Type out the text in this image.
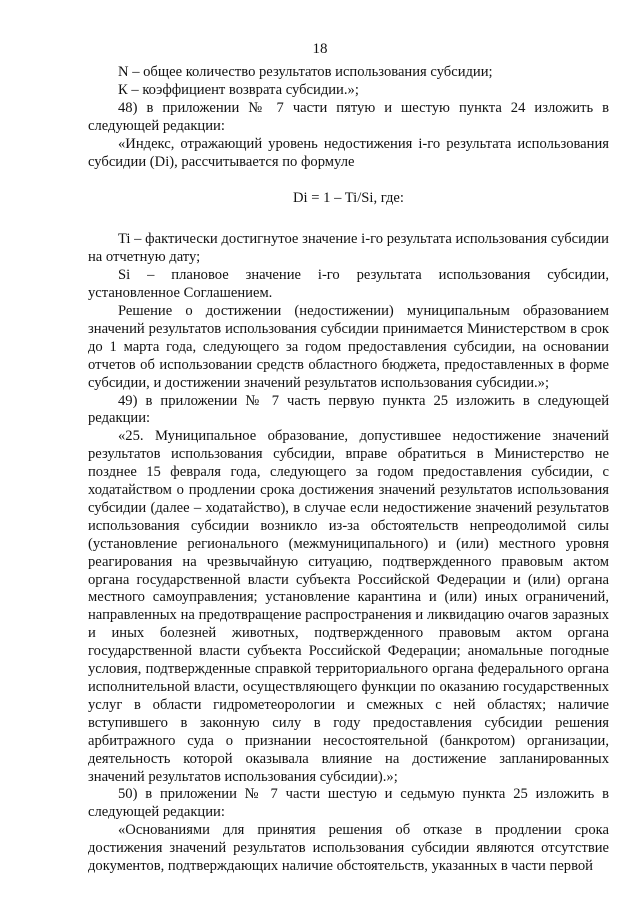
18

N – общее количество результатов использования субсидии;

К – коэффициент возврата субсидии.»;

48) в приложении № 7 части пятую и шестую пункта 24 изложить в следующей редакции:

«Индекс, отражающий уровень недостижения i-го результата использования субсидии (Di), рассчитывается по формуле

Di = 1 – Ti/Si, где:

Ti – фактически достигнутое значение i-го результата использования субсидии на отчетную дату;

Si – плановое значение i-го результата использования субсидии, установленное Соглашением.

Решение о достижении (недостижении) муниципальным образованием значений результатов использования субсидии принимается Министерством в срок до 1 марта года, следующего за годом предоставления субсидии, на основании отчетов об использовании средств областного бюджета, предоставленных в форме субсидии, и достижении значений результатов использования субсидии.»;

49) в приложении № 7 часть первую пункта 25 изложить в следующей редакции:

«25. Муниципальное образование, допустившее недостижение значений результатов использования субсидии, вправе обратиться в Министерство не позднее 15 февраля года, следующего за годом предоставления субсидии, с ходатайством о продлении срока достижения значений результатов использования субсидии (далее – ходатайство), в случае если недостижение значений результатов использования субсидии возникло из-за обстоятельств непреодолимой силы (установление регионального (межмуниципального) и (или) местного уровня реагирования на чрезвычайную ситуацию, подтвержденного правовым актом органа государственной власти субъекта Российской Федерации и (или) органа местного самоуправления; установление карантина и (или) иных ограничений, направленных на предотвращение распространения и ликвидацию очагов заразных и иных болезней животных, подтвержденного правовым актом органа государственной власти субъекта Российской Федерации; аномальные погодные условия, подтвержденные справкой территориального органа федерального органа исполнительной власти, осуществляющего функции по оказанию государственных услуг в области гидрометеорологии и смежных с ней областях; наличие вступившего в законную силу в году предоставления субсидии решения арбитражного суда о признании несостоятельной (банкротом) организации, деятельность которой оказывала влияние на достижение запланированных значений результатов использования субсидии).»;

50) в приложении № 7 части шестую и седьмую пункта 25 изложить в следующей редакции:

«Основаниями для принятия решения об отказе в продлении срока достижения значений результатов использования субсидии являются отсутствие документов, подтверждающих наличие обстоятельств, указанных в части первой
